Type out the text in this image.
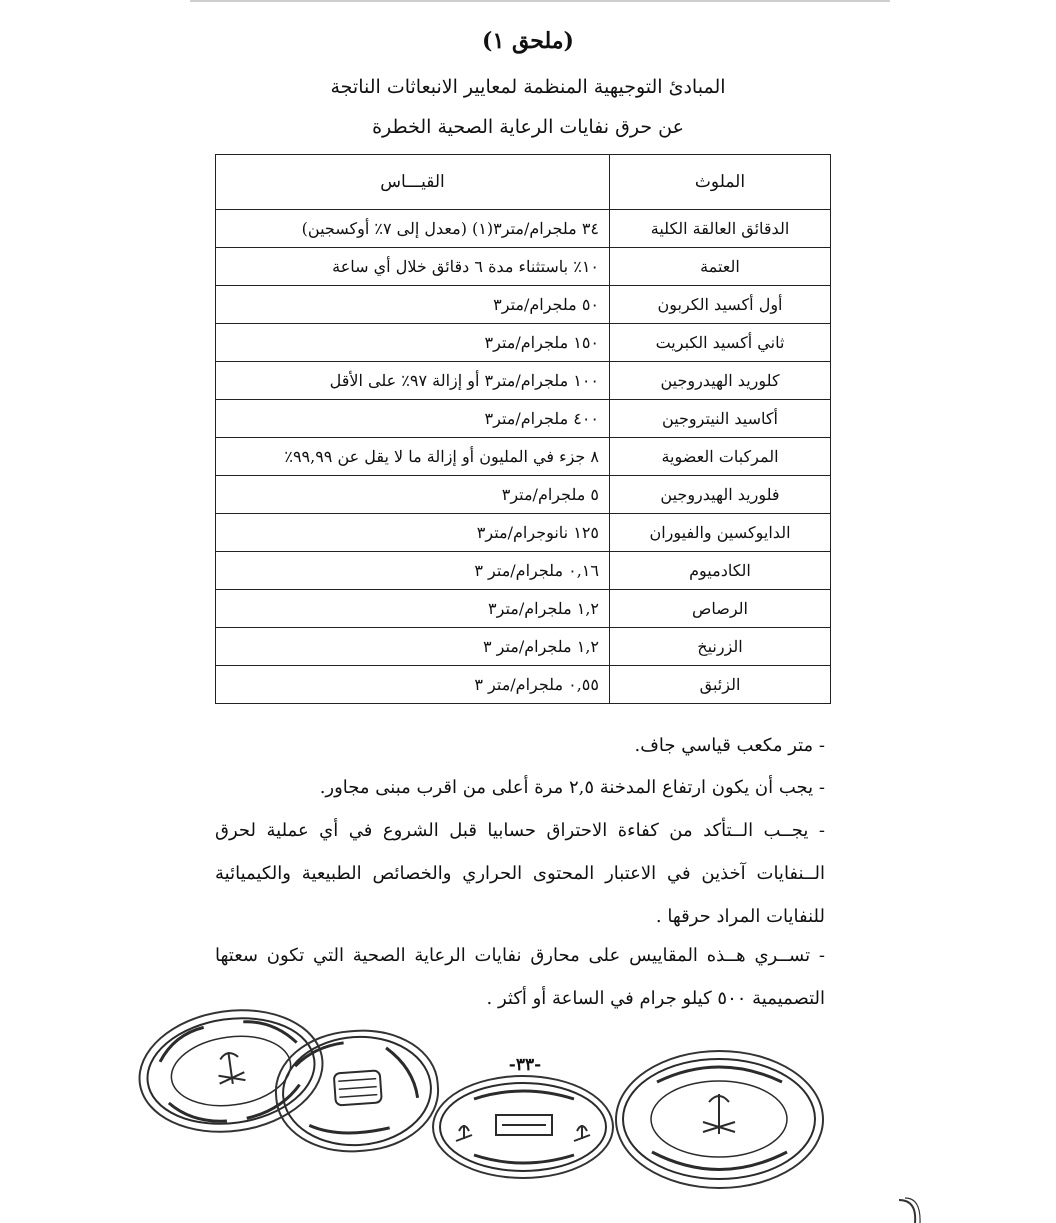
(ملحق ١)
المبادئ التوجيهية المنظمة لمعايير الانبعاثات الناتجة
عن حرق نفايات الرعاية الصحية الخطرة
الملوث	القيـــاس
الدقائق العالقة الكلية	٣٤ ملجرام/متر٣(١) (معدل إلى ٧٪ أوكسجين)
العتمة	١٠٪ باستثناء مدة ٦ دقائق خلال أي ساعة
أول أكسيد الكربون	٥٠ ملجرام/متر٣
ثاني أكسيد الكبريت	١٥٠ ملجرام/متر٣
كلوريد الهيدروجين	١٠٠ ملجرام/متر٣ أو إزالة ٩٧٪ على الأقل
أكاسيد النيتروجين	٤٠٠ ملجرام/متر٣
المركبات العضوية	٨ جزء في المليون أو إزالة ما لا يقل عن ٩٩,٩٩٪
فلوريد الهيدروجين	٥ ملجرام/متر٣
الدايوكسين والفيوران	١٢٥ نانوجرام/متر٣
الكادميوم	٠,١٦ ملجرام/متر ٣
الرصاص	١,٢ ملجرام/متر٣
الزرنيخ	١,٢ ملجرام/متر ٣
الزئبق	٠,٥٥ ملجرام/متر ٣

- متر مكعب قياسي جاف.

- يجب أن يكون ارتفاع المدخنة ٢,٥ مرة أعلى من اقرب مبنى مجاور.

- يجــب الــتأكد من كفاءة الاحتراق حسابيا قبل الشروع في أي عملية لحرق الــنفايات آخذين في الاعتبار المحتوى الحراري والخصائص الطبيعية والكيميائية للنفايات المراد حرقها .

- تســري هــذه المقاييس على محارق نفايات الرعاية الصحية التي تكون سعتها التصميمية ٥٠٠ كيلو جرام في الساعة أو أكثر .

-٣٣-
